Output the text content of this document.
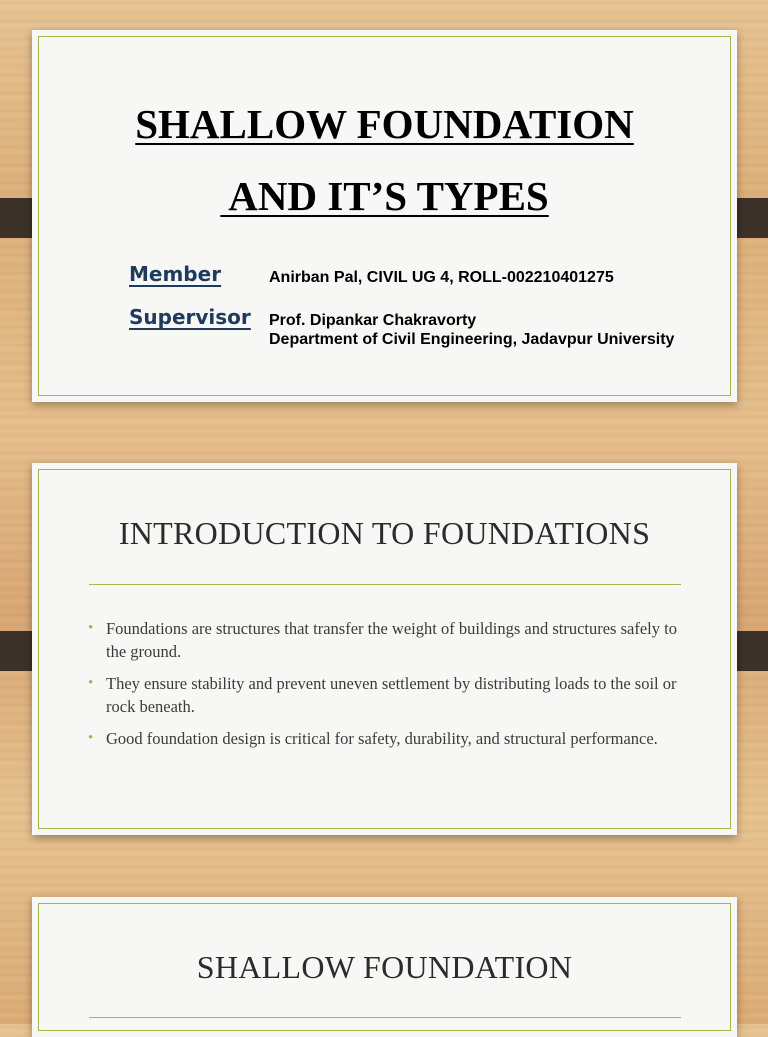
SHALLOW FOUNDATION
AND IT’S TYPES
Member	Anirban Pal, CIVIL UG 4, ROLL-002210401275
Supervisor Prof. Dipankar Chakravorty
Department of Civil Engineering, Jadavpur University
INTRODUCTION TO FOUNDATIONS
• Foundations are structures that transfer the weight of buildings and structures safely to the ground.
• They ensure stability and prevent uneven settlement by distributing loads to the soil or rock beneath.
• Good foundation design is critical for safety, durability, and structural performance.
SHALLOW FOUNDATION
